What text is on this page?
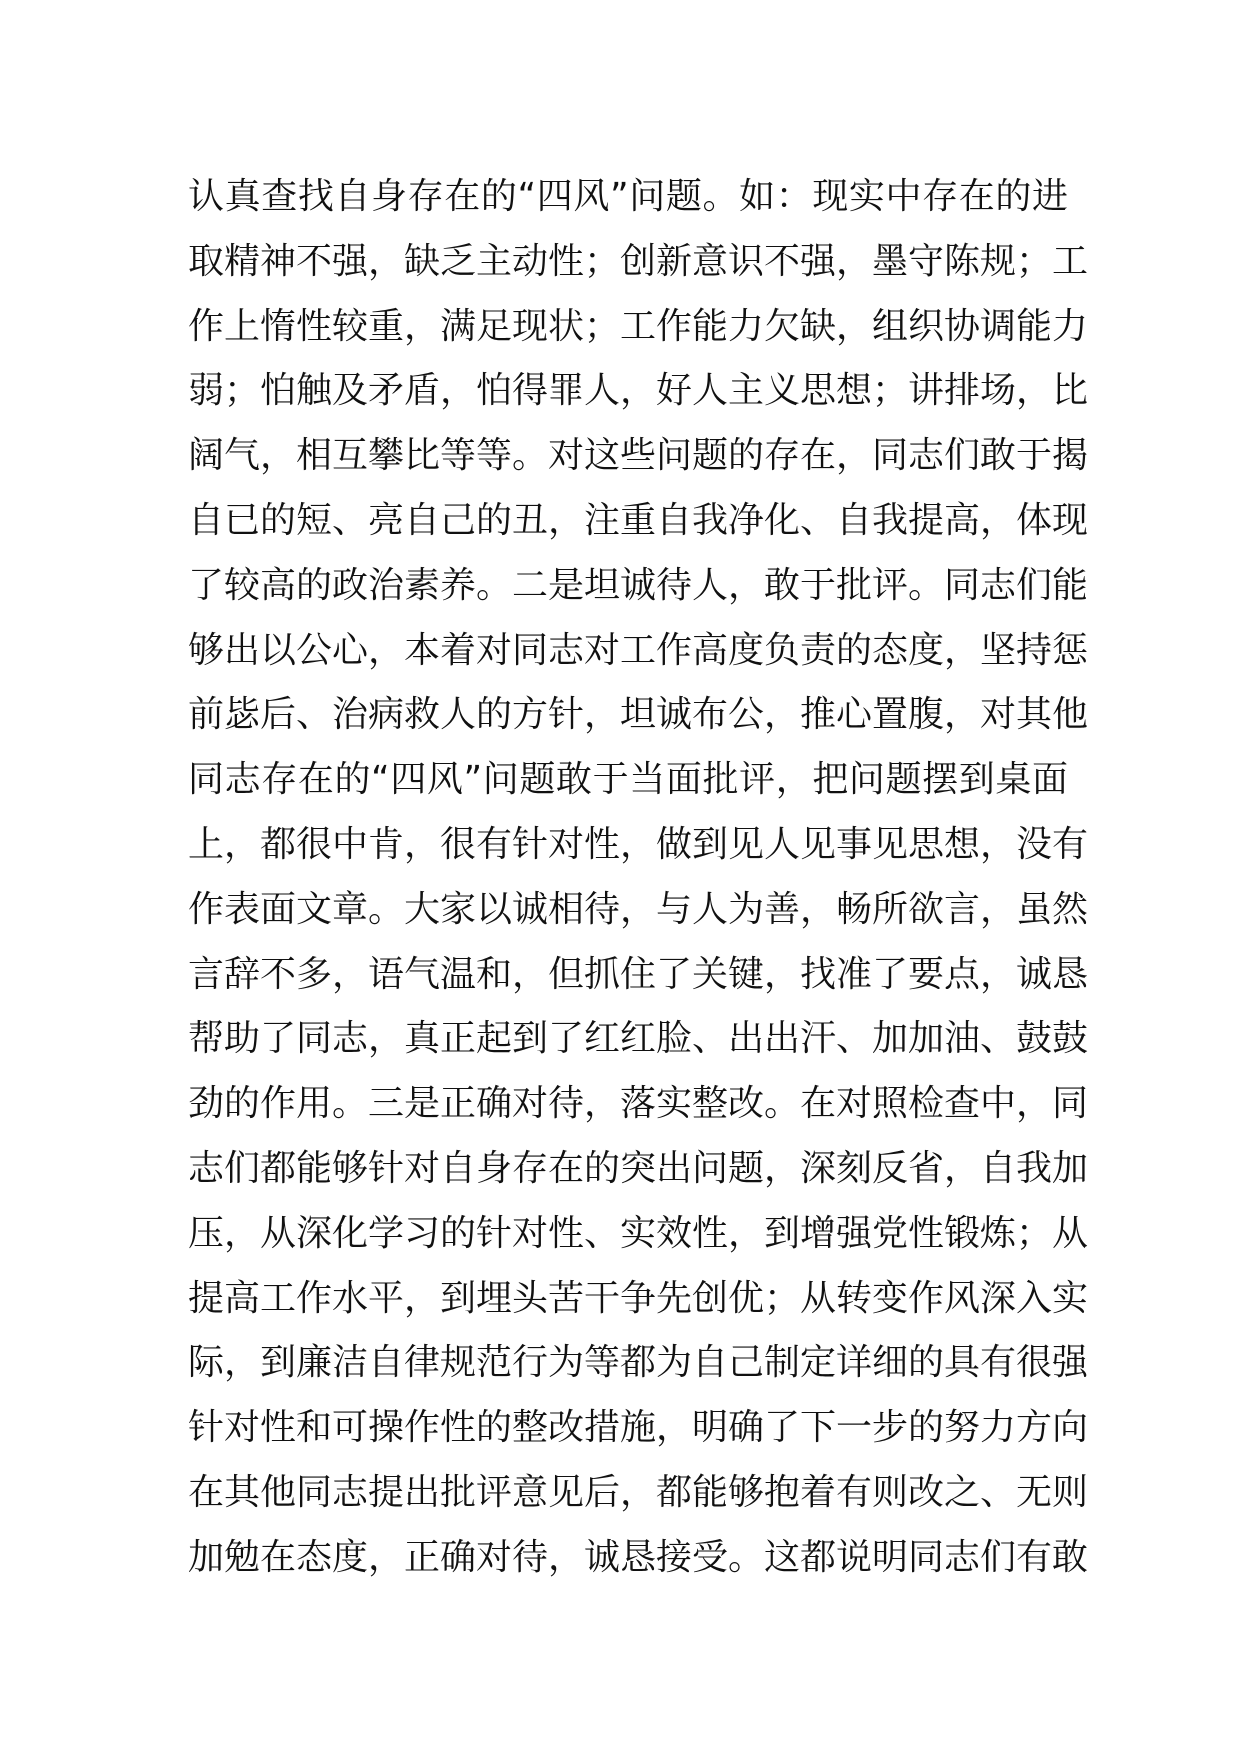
认真查找自身存在的“四风”问题。如：现实中存在的进
取精神不强，缺乏主动性；创新意识不强，墨守陈规；工
作上惰性较重，满足现状；工作能力欠缺，组织协调能力
弱；怕触及矛盾，怕得罪人，好人主义思想；讲排场，比
阔气，相互攀比等等。对这些问题的存在，同志们敢于揭
自已的短、亮自己的丑，注重自我净化、自我提高，体现
了较高的政治素养。二是坦诚待人，敢于批评。同志们能
够出以公心，本着对同志对工作高度负责的态度，坚持惩
前毖后、治病救人的方针，坦诚布公，推心置腹，对其他
同志存在的“四风”问题敢于当面批评，把问题摆到桌面
上，都很中肯，很有针对性，做到见人见事见思想，没有
作表面文章。大家以诚相待，与人为善，畅所欲言，虽然
言辞不多，语气温和，但抓住了关键，找准了要点，诚恳
帮助了同志，真正起到了红红脸、出出汗、加加油、鼓鼓
劲的作用。三是正确对待，落实整改。在对照检查中，同
志们都能够针对自身存在的突出问题，深刻反省，自我加
压，从深化学习的针对性、实效性，到增强党性锻炼；从
提高工作水平，到埋头苦干争先创优；从转变作风深入实
际，到廉洁自律规范行为等都为自己制定详细的具有很强
针对性和可操作性的整改措施，明确了下一步的努力方向
在其他同志提出批评意见后，都能够抱着有则改之、无则
加勉在态度，正确对待，诚恳接受。这都说明同志们有敢
